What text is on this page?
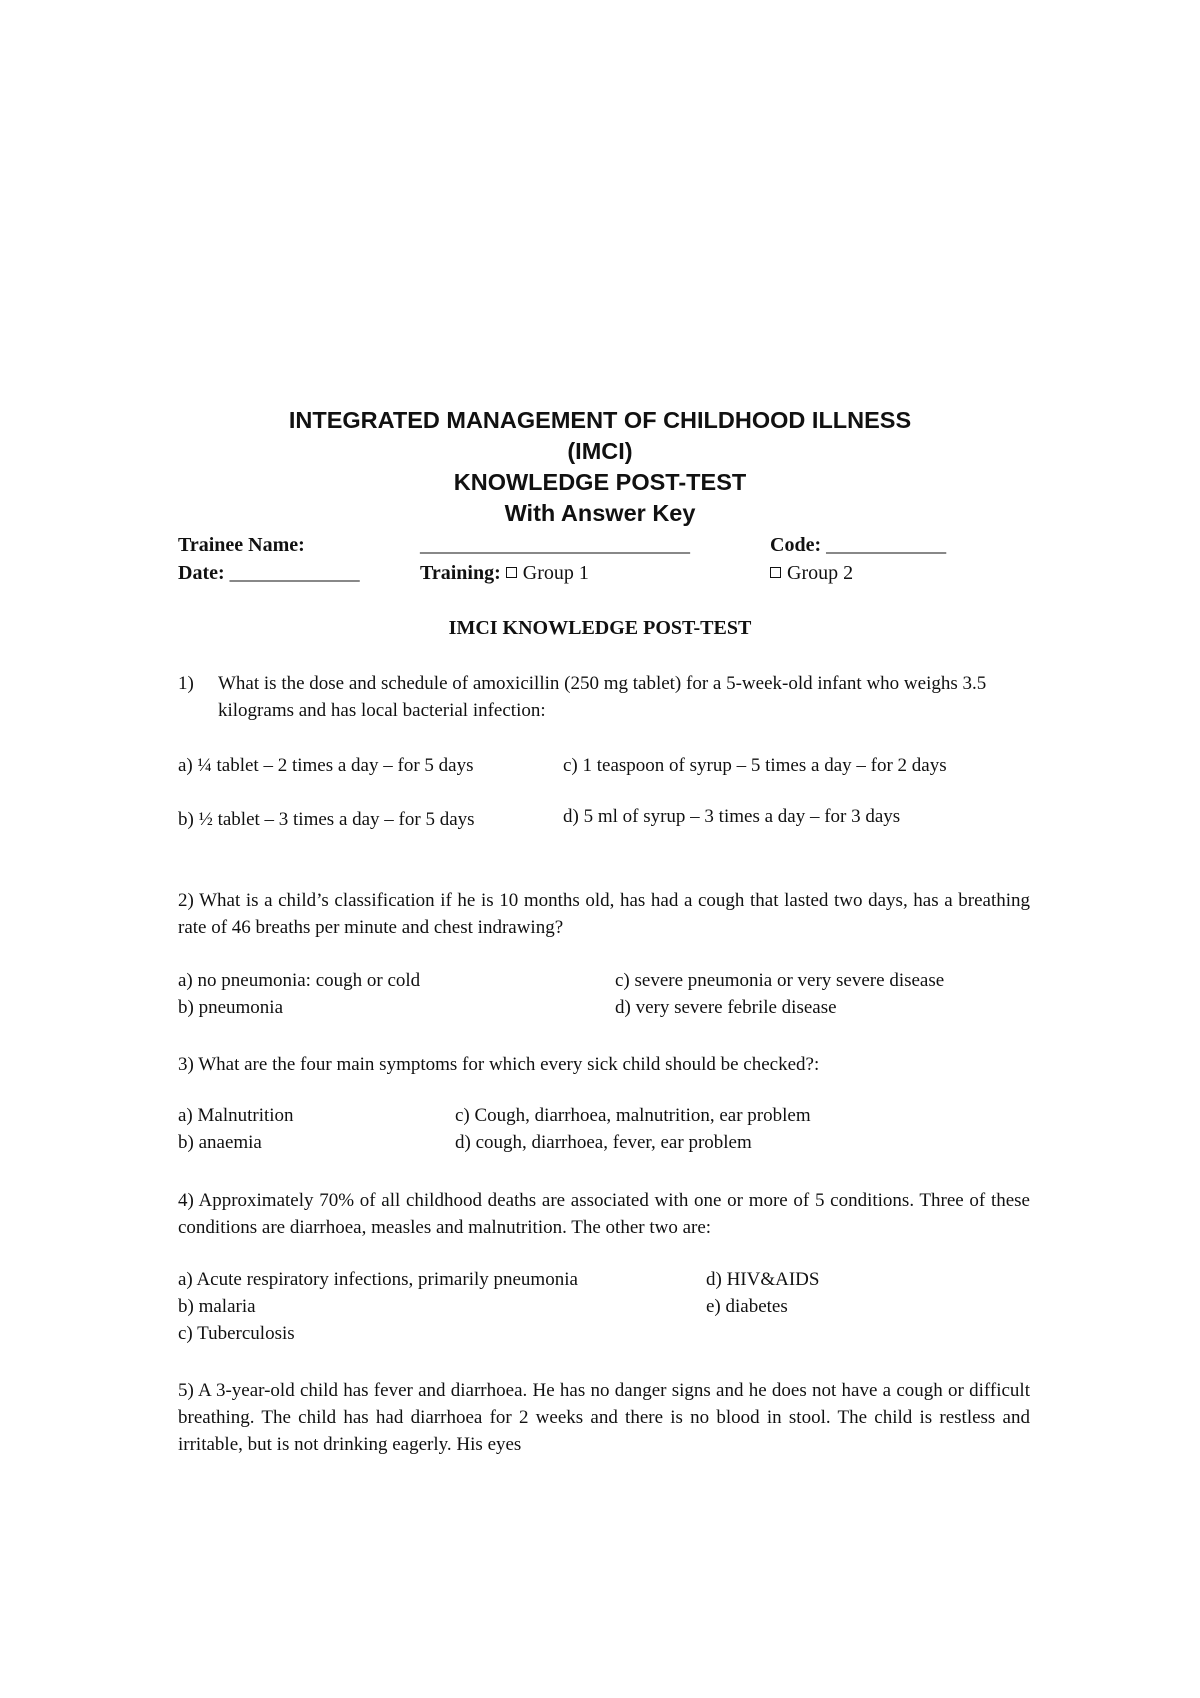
INTEGRATED MANAGEMENT OF CHILDHOOD ILLNESS
(IMCI)
KNOWLEDGE POST-TEST
With Answer Key
Trainee Name:	___________________________	Code: ____________
Date: _____________	Training: Group 1	Group 2
IMCI KNOWLEDGE POST-TEST
1) What is the dose and schedule of amoxicillin (250 mg tablet) for a 5-week-old infant who weighs 3.5 kilograms and has local bacterial infection:
a) ¼ tablet – 2 times a day – for 5 days
b) ½ tablet – 3 times a day – for 5 days
c) 1 teaspoon of syrup – 5 times a day – for 2 days
d) 5 ml of syrup – 3 times a day – for 3 days
2) What is a child’s classification if he is 10 months old, has had a cough that lasted two days, has a breathing rate of 46 breaths per minute and chest indrawing?
a) no pneumonia: cough or cold
b) pneumonia
c) severe pneumonia or very severe disease
d) very severe febrile disease
3) What are the four main symptoms for which every sick child should be checked?:
a) Malnutrition
b) anaemia
c) Cough, diarrhoea, malnutrition, ear problem
d) cough, diarrhoea, fever, ear problem
4) Approximately 70% of all childhood deaths are associated with one or more of 5 conditions. Three of these conditions are diarrhoea, measles and malnutrition. The other two are:
a) Acute respiratory infections, primarily pneumonia
b) malaria
c) Tuberculosis
d) HIV&AIDS
e) diabetes
5) A 3-year-old child has fever and diarrhoea. He has no danger signs and he does not have a cough or difficult breathing. The child has had diarrhoea for 2 weeks and there is no blood in stool. The child is restless and irritable, but is not drinking eagerly. His eyes
